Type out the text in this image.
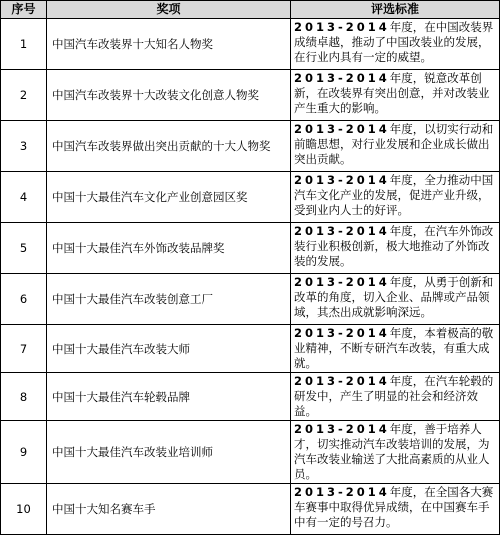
序号	奖项	评选标准
1	中国汽车改装界十大知名人物奖	2013-2014年度，在中国改装界成绩卓越，推动了中国改装业的发展，在行业内具有一定的威望。
2	中国汽车改装界十大改装文化创意人物奖	2013-2014年度，锐意改革创新，在改装界有突出创意，并对改装业产生重大的影响。
3	中国汽车改装界做出突出贡献的十大人物奖	2013-2014年度，以切实行动和前瞻思想，对行业发展和企业成长做出突出贡献。
4	中国十大最佳汽车文化产业创意园区奖	2013-2014年度，全力推动中国汽车文化产业的发展，促进产业升级，受到业内人士的好评。
5	中国十大最佳汽车外饰改装品牌奖	2013-2014年度，在汽车外饰改装行业积极创新，极大地推动了外饰改装的发展。
6	中国十大最佳汽车改装创意工厂	2013-2014年度，从勇于创新和改革的角度，切入企业、品牌或产品领域，其杰出成就影响深远。
7	中国十大最佳汽车改装大师	2013-2014年度，本着极高的敬业精神，不断专研汽车改装，有重大成就。
8	中国十大最佳汽车轮毂品牌	2013-2014年度，在汽车轮毂的研发中，产生了明显的社会和经济效益。
9	中国十大最佳汽车改装业培训师	2013-2014年度，善于培养人才，切实推动汽车改装培训的发展，为汽车改装业输送了大批高素质的从业人员。
10	中国十大知名赛车手	2013-2014年度，在全国各大赛车赛事中取得优异成绩，在中国赛车手中有一定的号召力。
